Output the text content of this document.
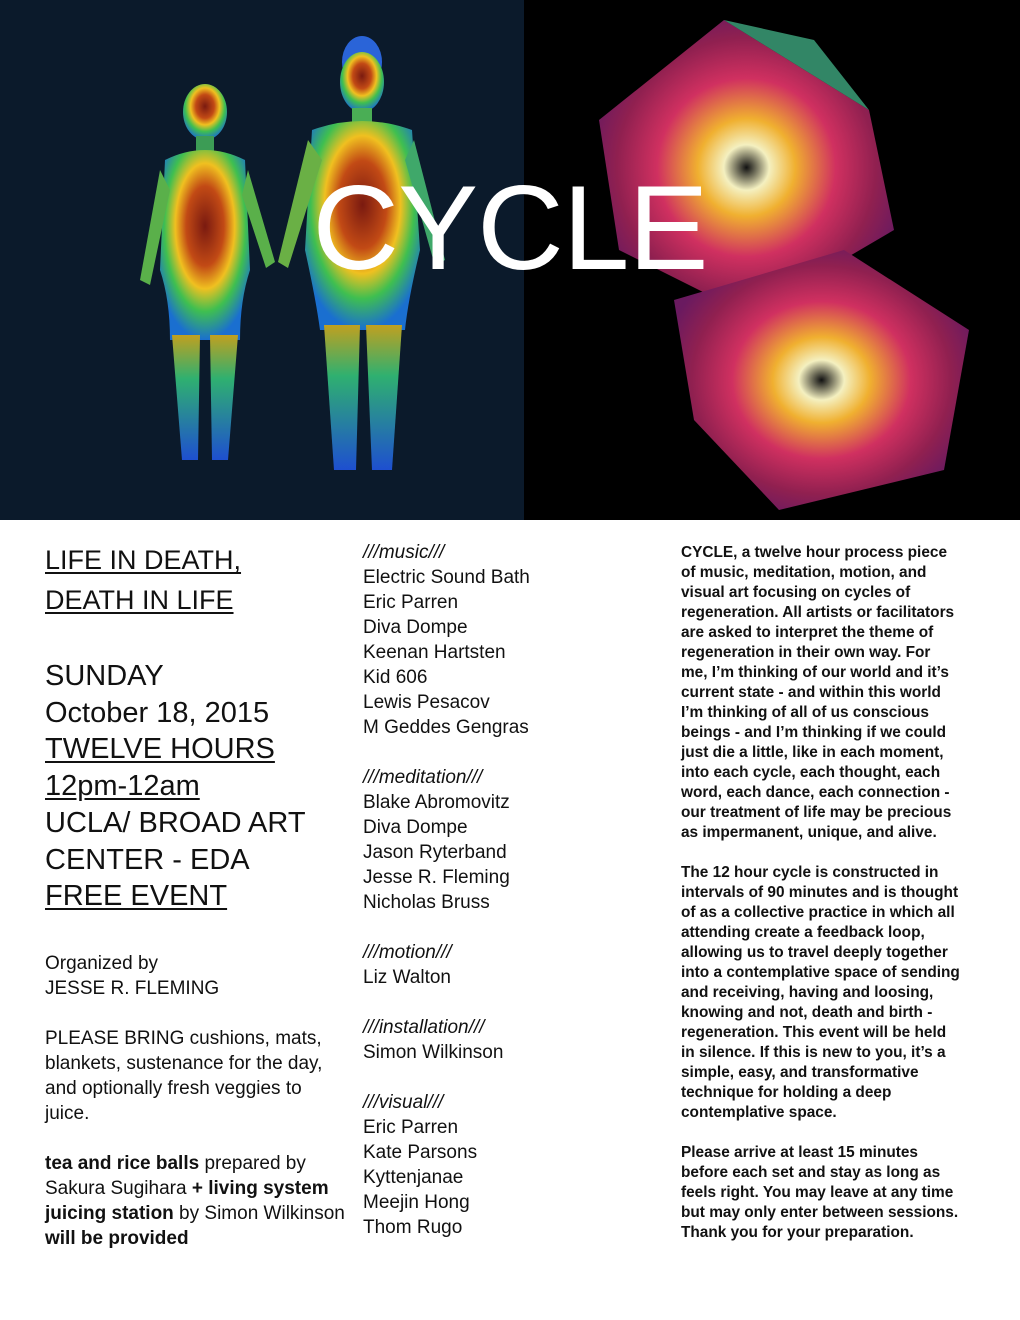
CYCLE
LIFE IN DEATH,
DEATH IN LIFE
SUNDAY
October 18, 2015
TWELVE HOURS
12pm-12am
UCLA/ BROAD ART
CENTER - EDA
FREE EVENT
Organized by
JESSE R. FLEMING

PLEASE BRING cushions, mats, blankets, sustenance for the day, and optionally fresh veggies to juice.

tea and rice balls prepared by Sakura Sugihara + living system juicing station by Simon Wilkinson will be provided

///music///
Electric Sound Bath
Eric Parren
Diva Dompe
Keenan Hartsten
Kid 606
Lewis Pesacov
M Geddes Gengras
///meditation///
Blake Abromovitz
Diva Dompe
Jason Ryterband
Jesse R. Fleming
Nicholas Bruss
///motion///
Liz Walton
///installation///
Simon Wilkinson
///visual///
Eric Parren
Kate Parsons
Kyttenjanae
Meejin Hong
Thom Rugo

CYCLE, a twelve hour process piece
of music, meditation, motion, and
visual art focusing on cycles of
regeneration. All artists or facilitators
are asked to interpret the theme of
regeneration in their own way. For
me, I’m thinking of our world and it’s
current state - and within this world
I’m thinking of all of us conscious
beings - and I’m thinking if we could
just die a little, like in each moment,
into each cycle, each thought, each
word, each dance, each connection -
our treatment of life may be precious
as impermanent, unique, and alive.

The 12 hour cycle is constructed in
intervals of 90 minutes and is thought
of as a collective practice in which all
attending create a feedback loop,
allowing us to travel deeply together
into a contemplative space of sending
and receiving, having and loosing,
knowing and not, death and birth -
regeneration. This event will be held
in silence. If this is new to you, it’s a
simple, easy, and transformative
technique for holding a deep
contemplative space.

Please arrive at least 15 minutes
before each set and stay as long as
feels right. You may leave at any time
but may only enter between sessions.
Thank you for your preparation.
